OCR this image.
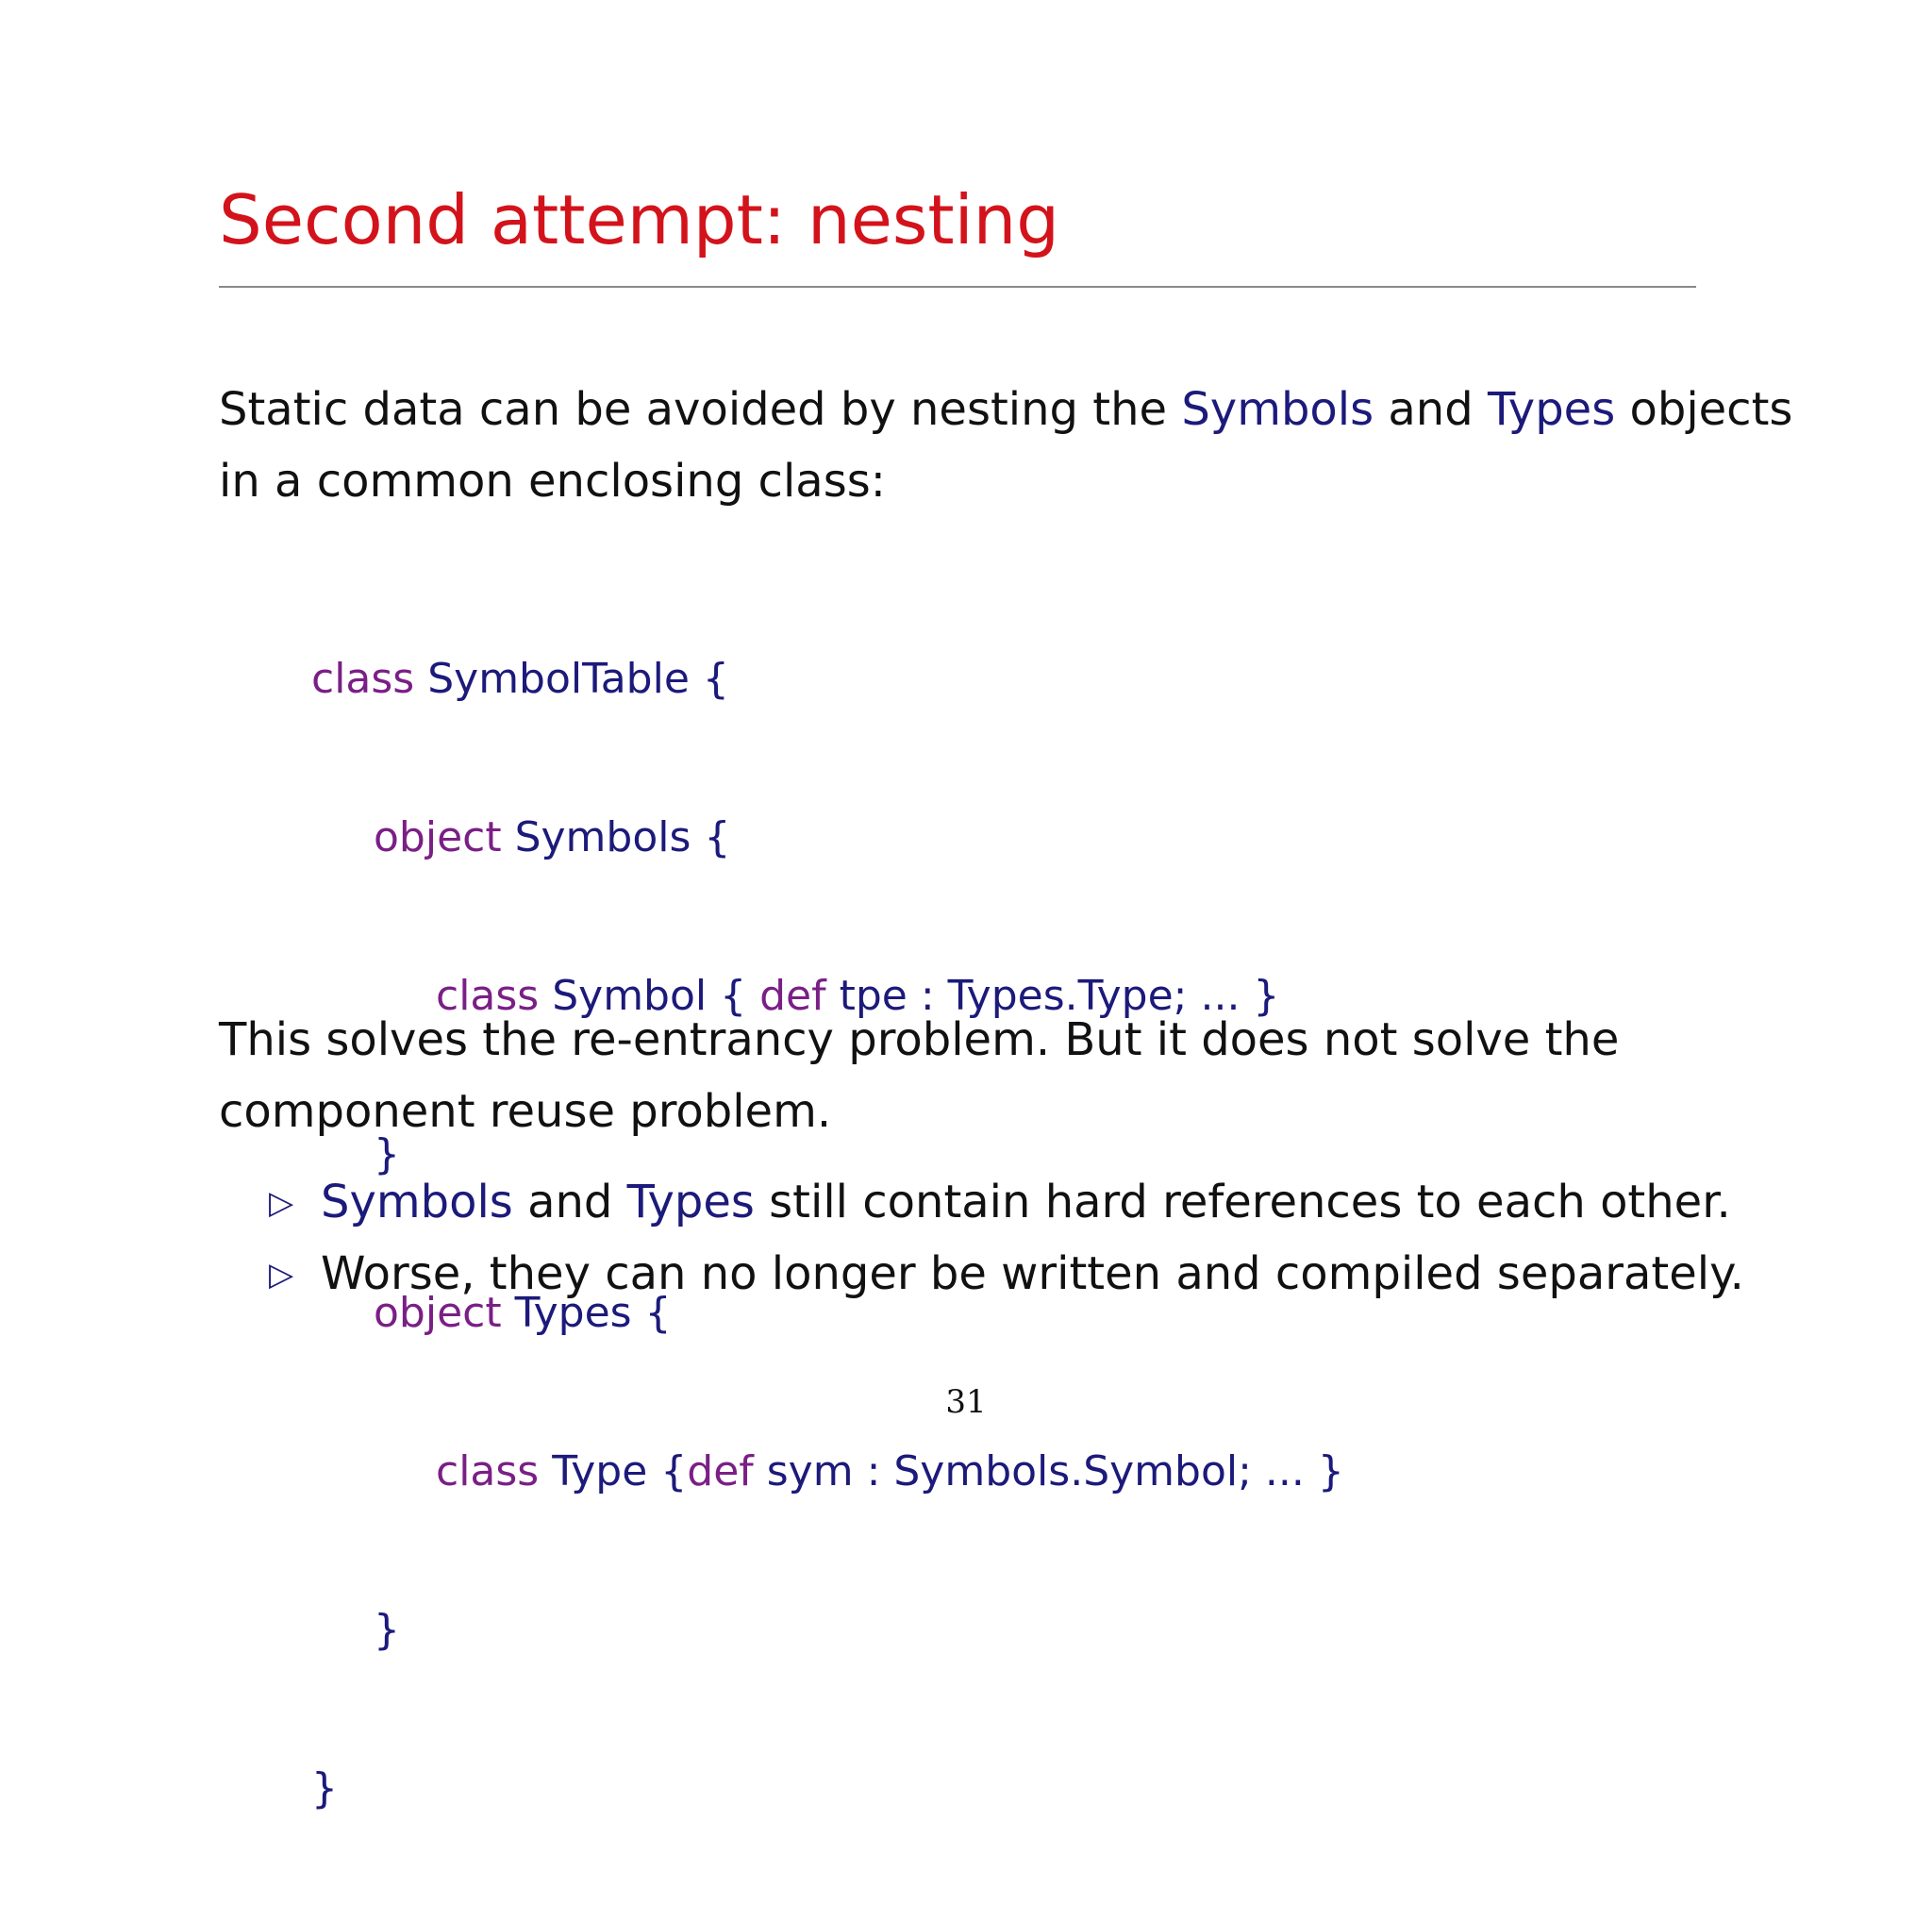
Second attempt: nesting
Static data can be avoided by nesting the Symbols and Types objects
in a common enclosing class:

class SymbolTable {

object Symbols {

class Symbol { def tpe : Types.Type; ... }

}

object Types {

class Type {def sym : Symbols.Symbol; ... }

}

}

This solves the re-entrancy problem. But it does not solve the
component reuse problem.
▷ Symbols and Types still contain hard references to each other.
▷ Worse, they can no longer be written and compiled separately.
31
